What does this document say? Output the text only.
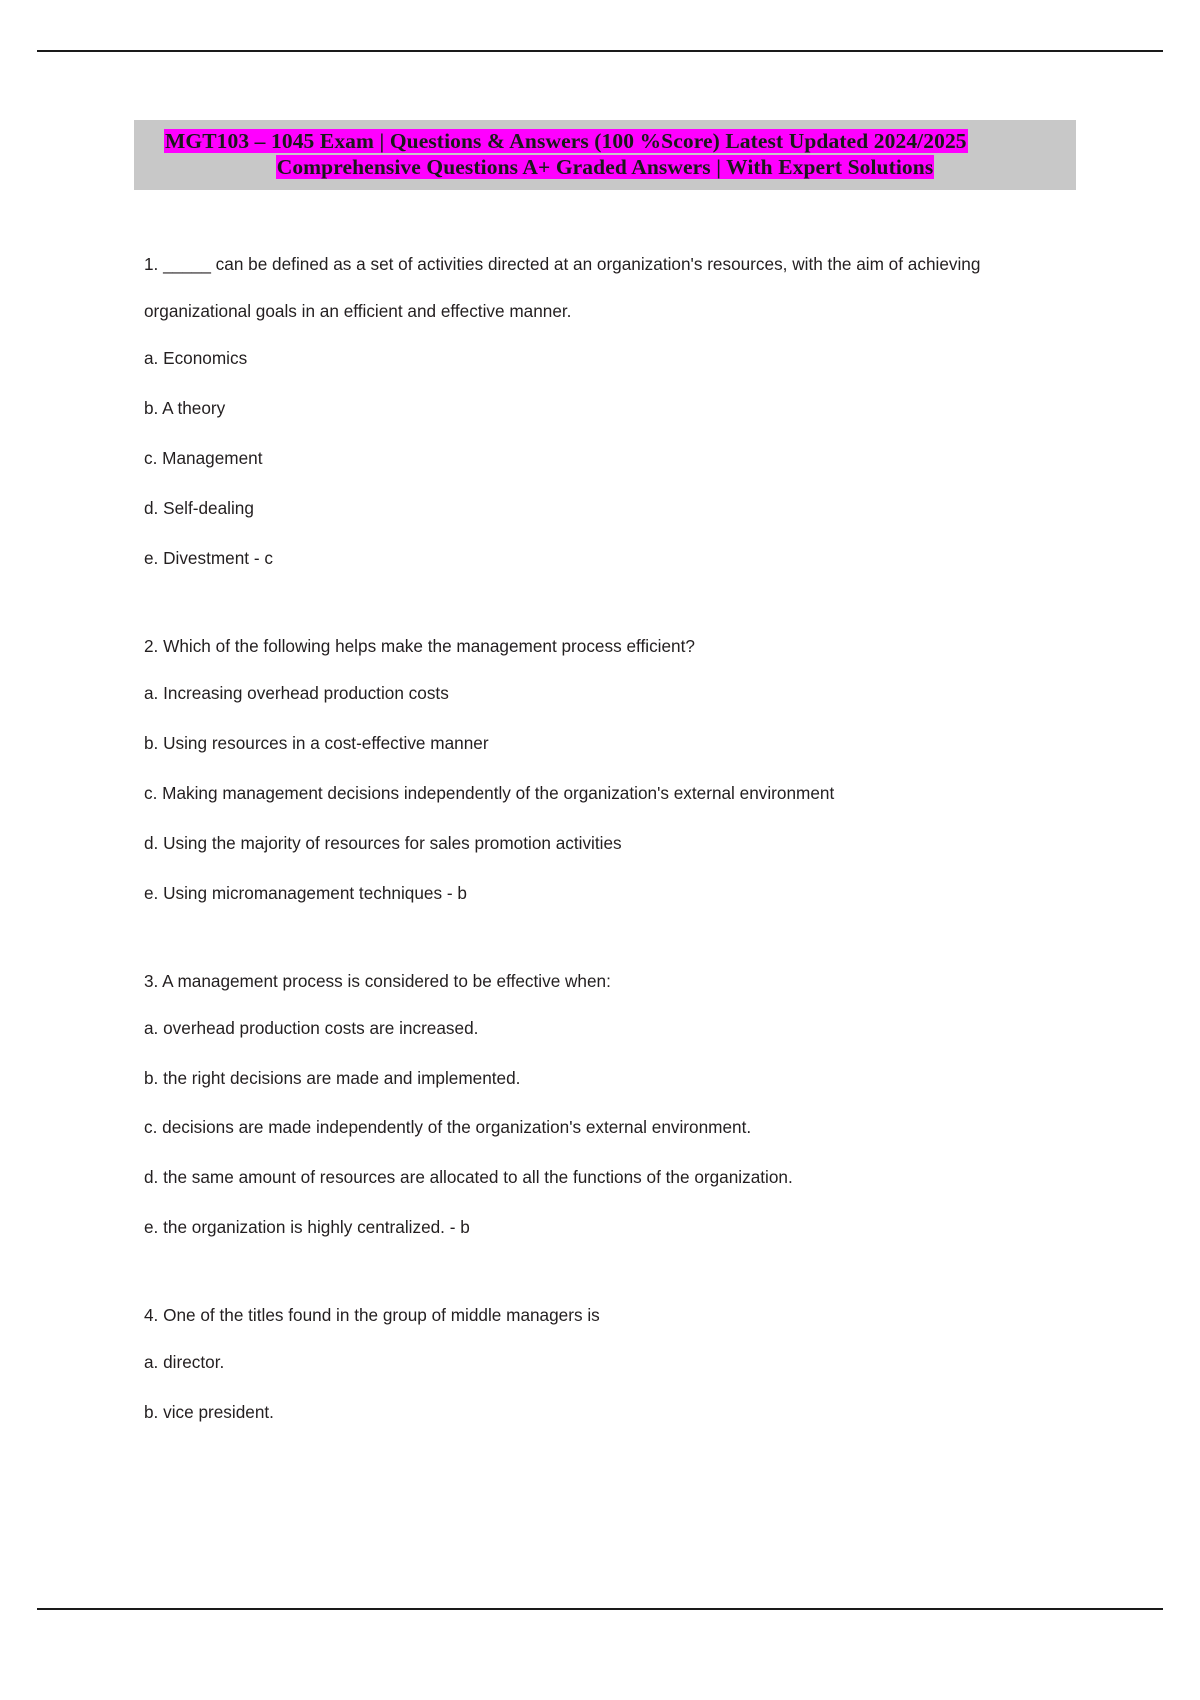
MGT103 – 1045 Exam | Questions & Answers (100 %Score) Latest Updated 2024/2025
Comprehensive Questions A+ Graded Answers | With Expert Solutions

1. _____ can be defined as a set of activities directed at an organization's resources, with the aim of achieving

organizational goals in an efficient and effective manner.

a. Economics

b. A theory

c. Management

d. Self-dealing

e. Divestment - c

2. Which of the following helps make the management process efficient?

a. Increasing overhead production costs

b. Using resources in a cost-effective manner

c. Making management decisions independently of the organization's external environment

d. Using the majority of resources for sales promotion activities

e. Using micromanagement techniques - b

3. A management process is considered to be effective when:

a. overhead production costs are increased.

b. the right decisions are made and implemented.

c. decisions are made independently of the organization's external environment.

d. the same amount of resources are allocated to all the functions of the organization.

e. the organization is highly centralized. - b

4. One of the titles found in the group of middle managers is

a. director.

b. vice president.
